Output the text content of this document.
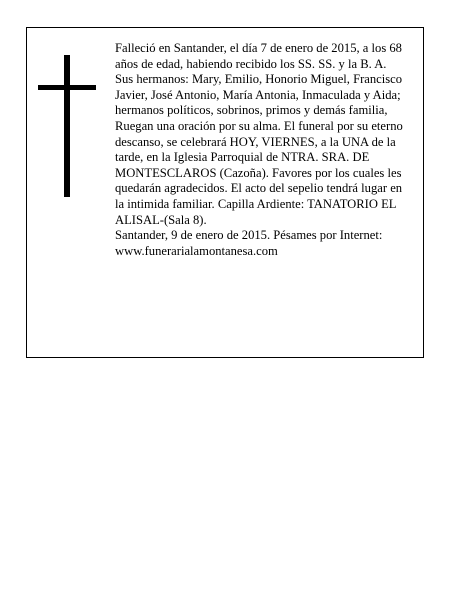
Falleció en Santander, el día 7 de enero de 2015, a los 68 años de edad, habiendo recibido los SS. SS. y la B. A.

Sus hermanos: Mary, Emilio, Honorio Miguel, Francisco Javier, José Antonio, María Antonia, Inmaculada y Aida; hermanos políticos, sobrinos, primos y demás familia,

Ruegan una oración por su alma. El funeral por su eterno descanso, se celebrará HOY, VIERNES, a la UNA de la tarde, en la Iglesia Parroquial de NTRA. SRA. DE MONTESCLAROS (Cazoña). Favores por los cuales les quedarán agradecidos. El acto del sepelio tendrá lugar en la intimida familiar. Capilla Ardiente: TANATORIO EL ALISAL-(Sala 8).

Santander, 9 de enero de 2015. Pésames por Internet: www.funerarialamontanesa.com
